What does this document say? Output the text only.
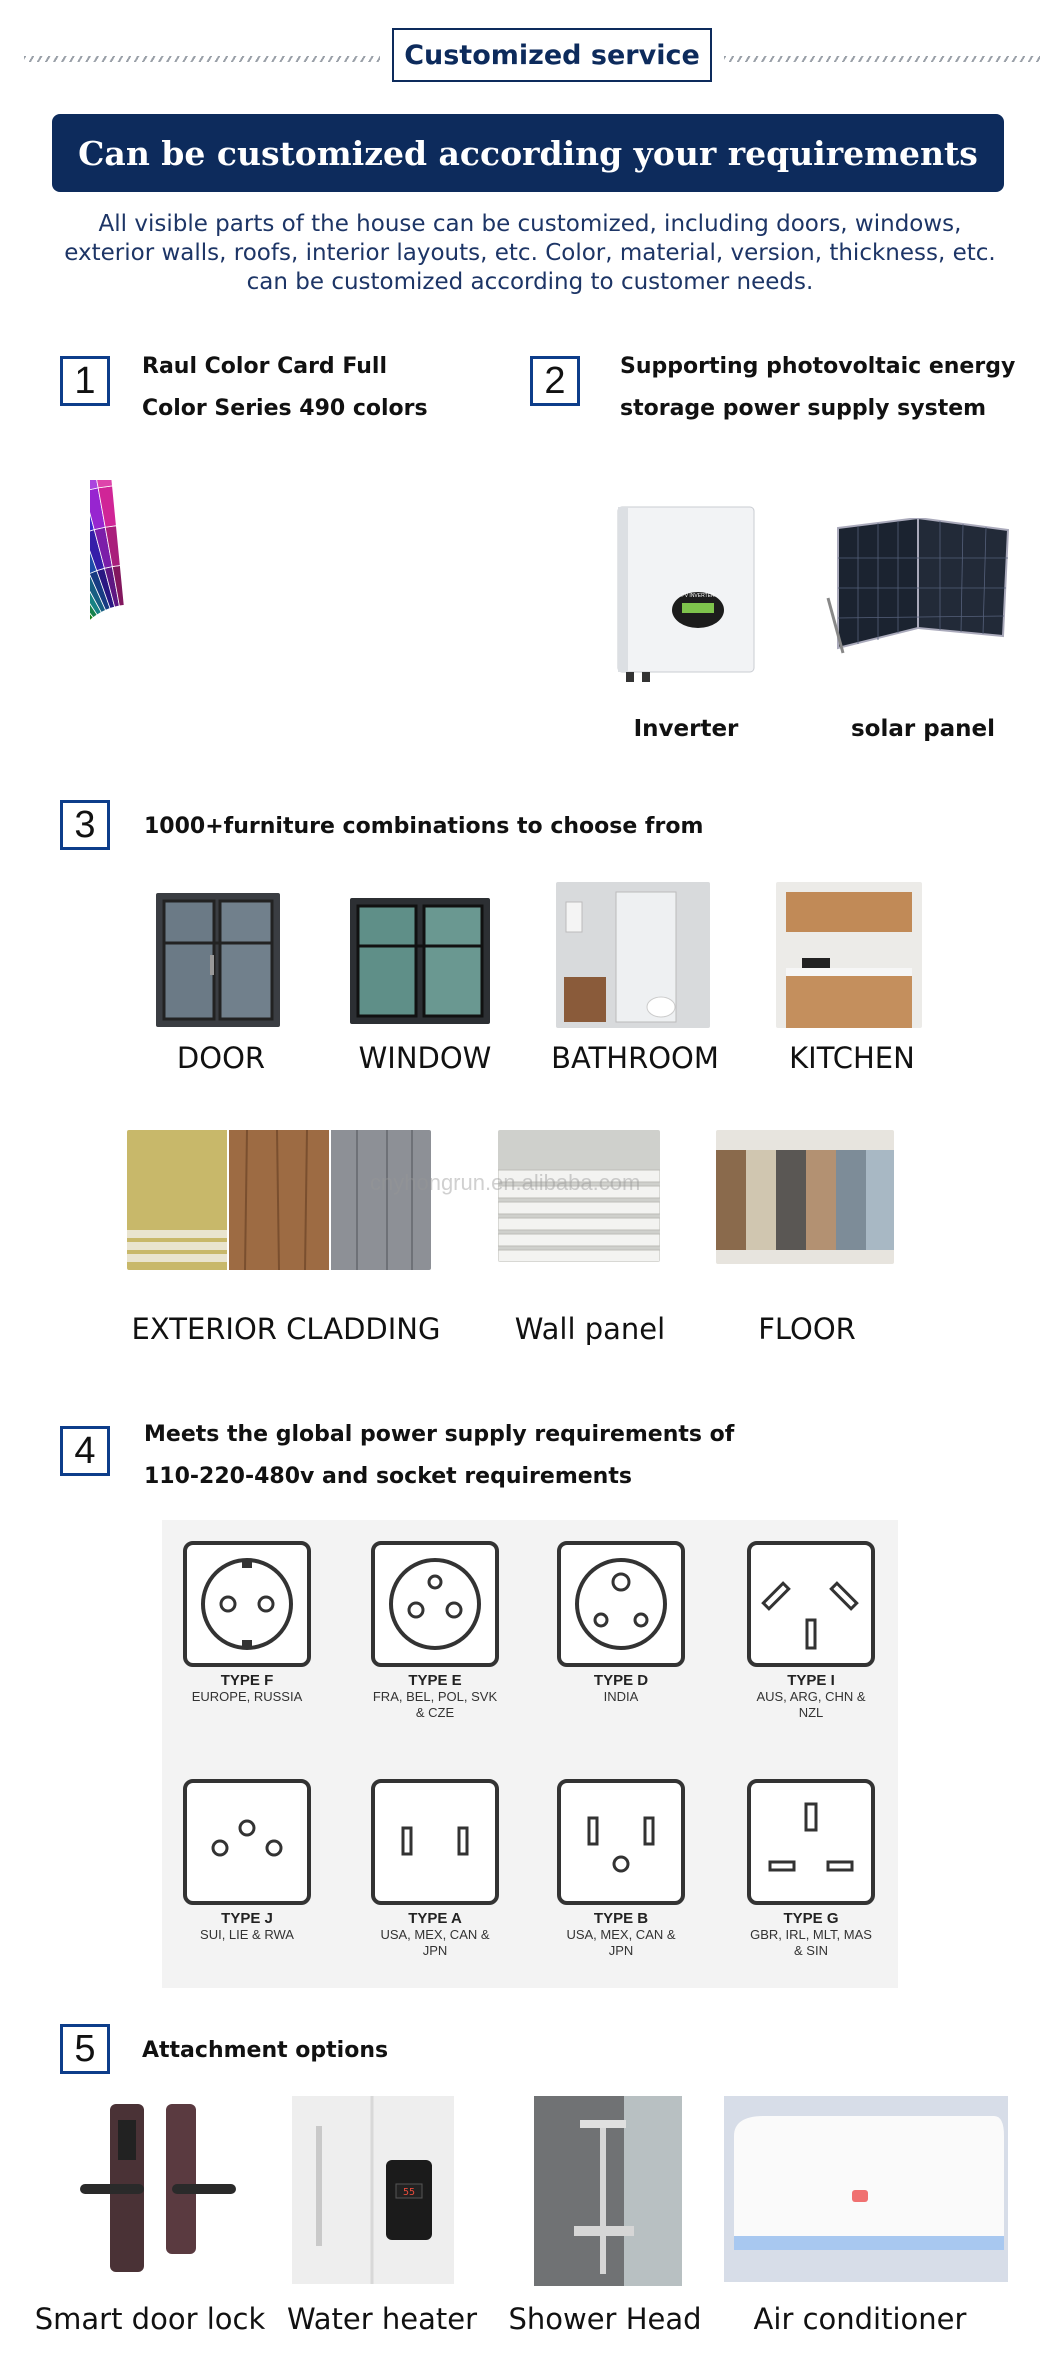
Customized service
Can be customized according your requirements
All visible parts of the house can be customized, including doors, windows, exterior walls, roofs, interior layouts, etc. Color, material, version, thickness, etc. can be customized according to customer needs.
1	Raul Color Card Full
Color Series 490 colors
2	Supporting photovoltaic energy
storage power supply system
PV INVERTER
Inverter	solar panel
3	1000+furniture combinations to choose from
DOOR	WINDOW	BATHROOM	KITCHEN
cnyhongrun.en.alibaba.com
EXTERIOR CLADDING	Wall panel	FLOOR
4	Meets the global power supply requirements of
110-220-480v and socket requirements
TYPE F
EUROPE, RUSSIA
TYPE E
FRA, BEL, POL, SVK & CZE
TYPE D
INDIA
TYPE I
AUS, ARG, CHN & NZL
TYPE J
SUI, LIE & RWA
TYPE A
USA, MEX, CAN & JPN
TYPE B
USA, MEX, CAN & JPN
TYPE G
GBR, IRL, MLT, MAS & SIN
5	Attachment options
55
Smart door lock Water heater	Shower Head	Air conditioner
